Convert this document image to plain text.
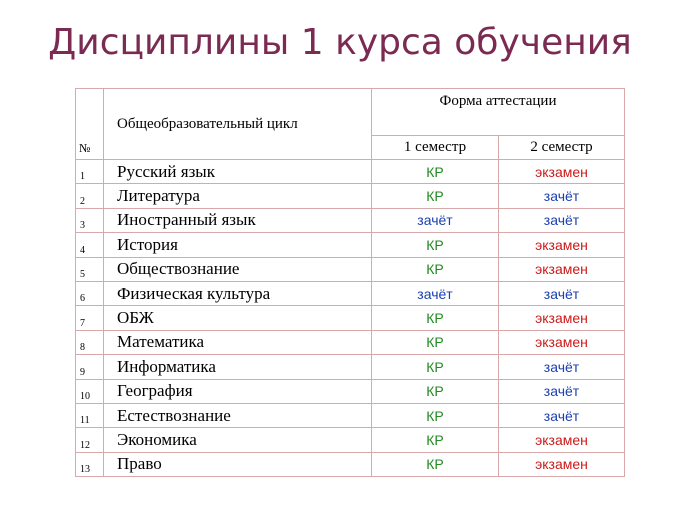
Дисциплины 1 курса обучения
№	Общеобразовательный цикл	Форма аттестации	
		1 семестр	2 семестр
1	Русский язык	КР	экзамен
2	Литература	КР	зачёт
3	Иностранный язык	зачёт	зачёт
4	История	КР	экзамен
5	Обществознание	КР	экзамен
6	Физическая культура	зачёт	зачёт
7	ОБЖ	КР	экзамен
8	Математика	КР	экзамен
9	Информатика	КР	зачёт
10	География	КР	зачёт
11	Естествознание	КР	зачёт
12	Экономика	КР	экзамен
13	Право	КР	экзамен
